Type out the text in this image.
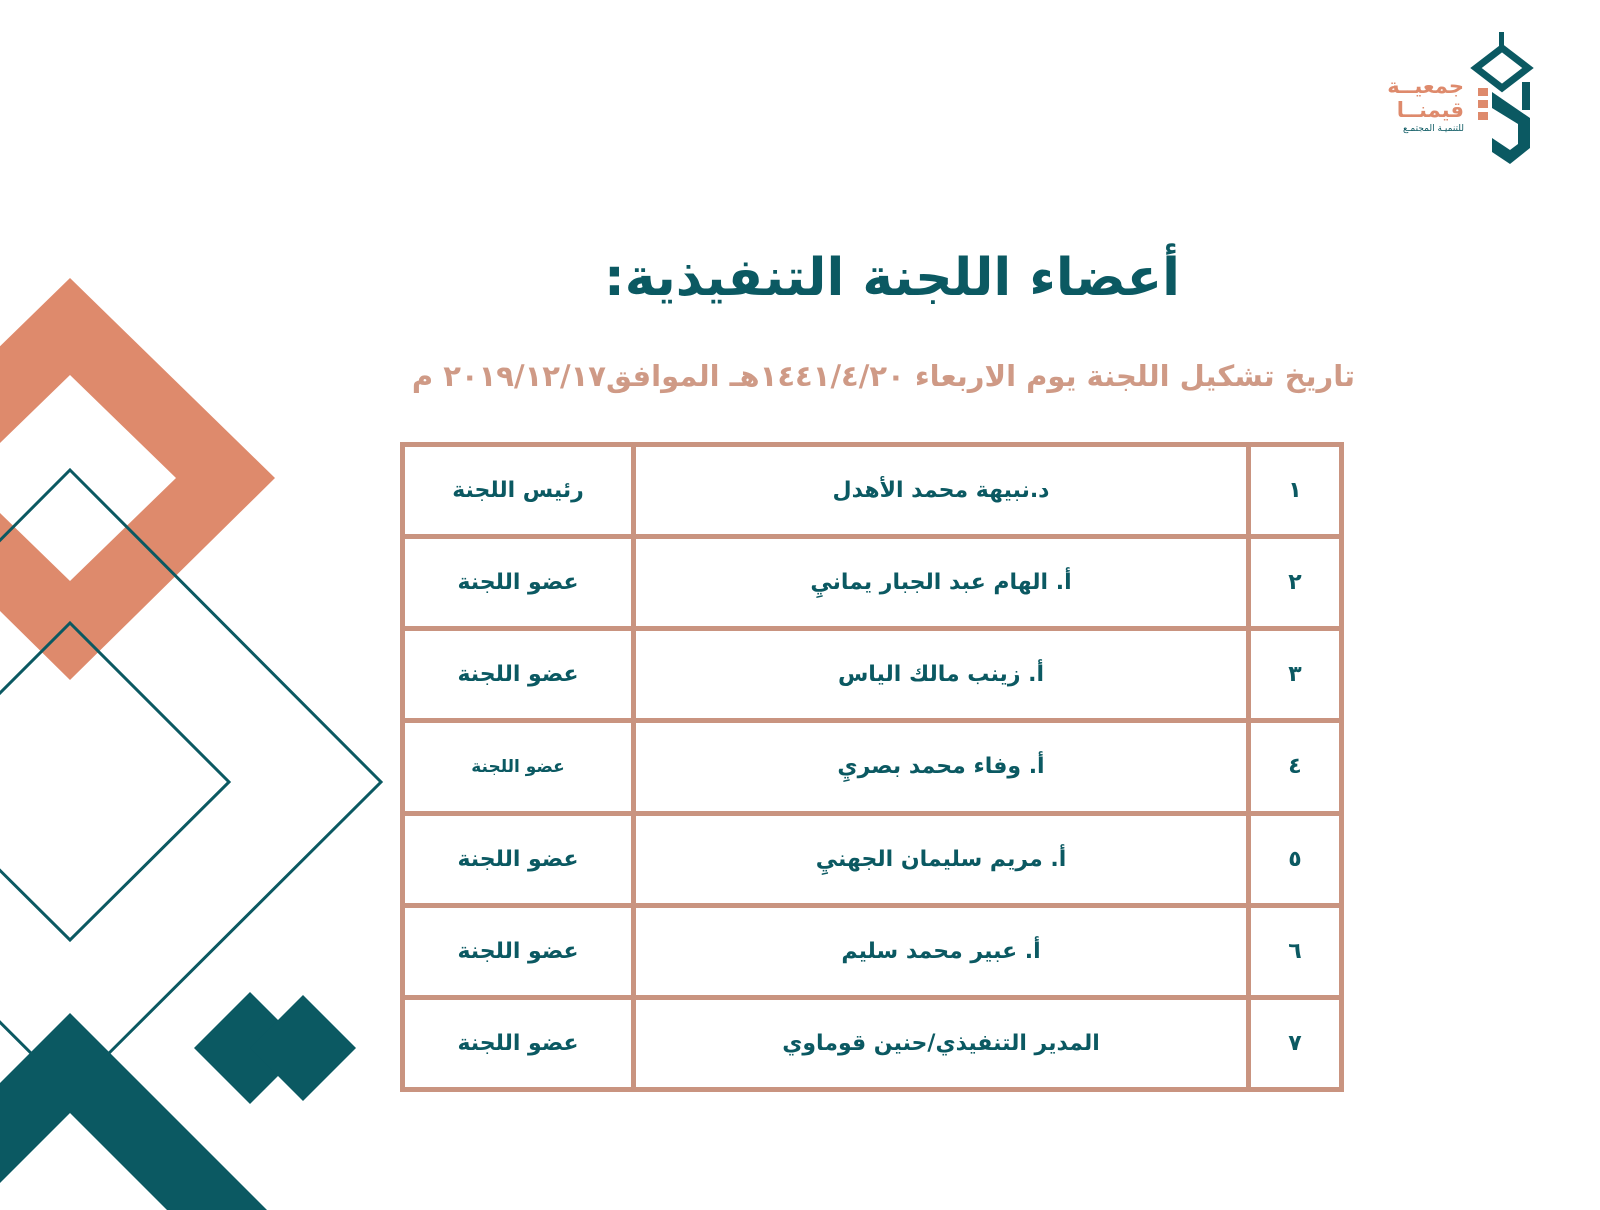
جمعيــة
قيمنــا
للتنميـة المجتمـع
أعضاء اللجنة التنفيذية:

تاريخ تشكيل اللجنة يوم الاربعاء ١٤٤١/٤/٢٠هـ الموافق٢٠١٩/١٢/١٧ م

١	د.نبيهة محمد الأهدل	رئيس اللجنة
٢	أ. الهام عبد الجبار يمانيِ	عضو اللجنة
٣	أ. زينب مالك الياس	عضو اللجنة
٤	أ. وفاء محمد بصريِ	عضو اللجنة
٥	أ. مريم سليمان الجهنيِ	عضو اللجنة
٦	أ. عبير محمد سليم	عضو اللجنة
٧	المدير التنفيذي/حنين قوماوي	عضو اللجنة
